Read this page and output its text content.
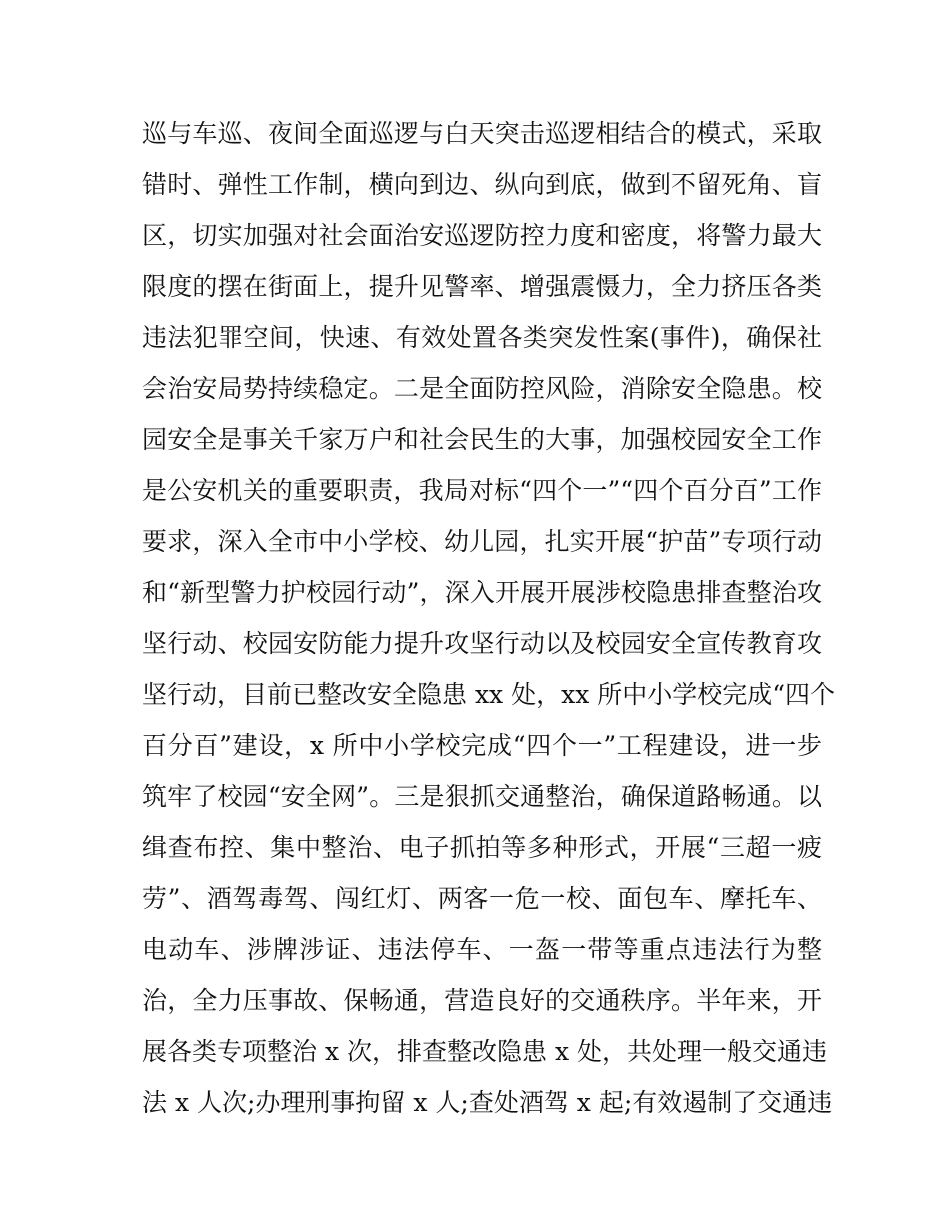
巡与车巡、夜间全面巡逻与白天突击巡逻相结合的模式，采取
错时、弹性工作制，横向到边、纵向到底，做到不留死角、盲
区，切实加强对社会面治安巡逻防控力度和密度，将警力最大
限度的摆在街面上，提升见警率、增强震慑力，全力挤压各类
违法犯罪空间，快速、有效处置各类突发性案(事件)，确保社
会治安局势持续稳定。二是全面防控风险，消除安全隐患。校
园安全是事关千家万户和社会民生的大事，加强校园安全工作
是公安机关的重要职责，我局对标“四个一”“四个百分百”工作
要求，深入全市中小学校、幼儿园，扎实开展“护苗”专项行动
和“新型警力护校园行动”，深入开展开展涉校隐患排查整治攻
坚行动、校园安防能力提升攻坚行动以及校园安全宣传教育攻
坚行动，目前已整改安全隐患 xx 处，xx 所中小学校完成“四个
百分百”建设，x 所中小学校完成“四个一”工程建设，进一步
筑牢了校园“安全网”。三是狠抓交通整治，确保道路畅通。以
缉查布控、集中整治、电子抓拍等多种形式，开展“三超一疲
劳”、酒驾毒驾、闯红灯、两客一危一校、面包车、摩托车、
电动车、涉牌涉证、违法停车、一盔一带等重点违法行为整
治，全力压事故、保畅通，营造良好的交通秩序。半年来，开
展各类专项整治 x 次，排查整改隐患 x 处，共处理一般交通违
法 x 人次;办理刑事拘留 x 人;查处酒驾 x 起;有效遏制了交通违
